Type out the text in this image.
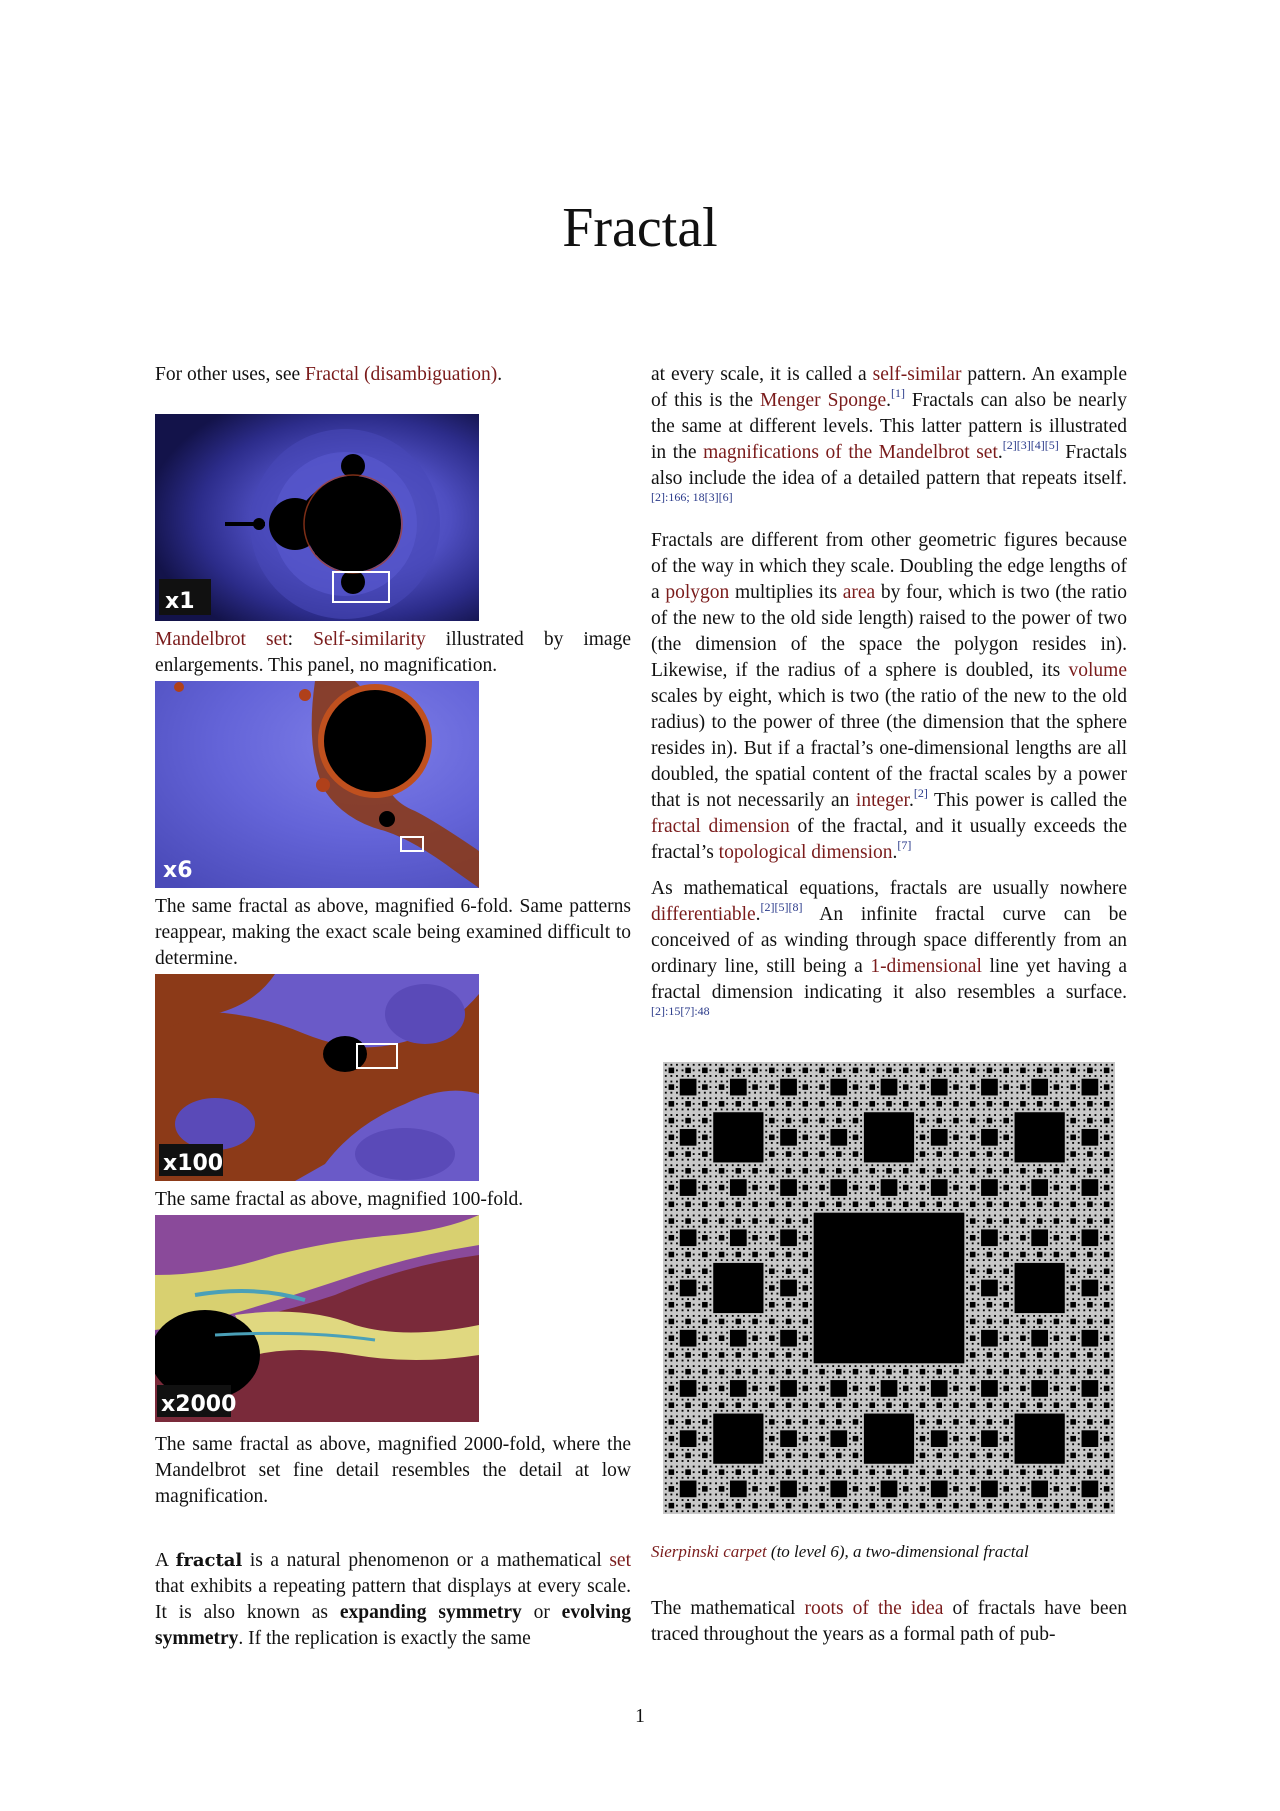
Fractal

For other uses, see Fractal (disambiguation).

x1

Mandelbrot set: Self-similarity illustrated by image enlargements. This panel, no magnification.

x6

The same fractal as above, magnified 6-fold. Same patterns reappear, making the exact scale being examined difficult to determine.

x100

The same fractal as above, magnified 100-fold.

x2000

The same fractal as above, magnified 2000-fold, where the Mandelbrot set fine detail resembles the detail at low magnification.

A fractal is a natural phenomenon or a mathematical set that exhibits a repeating pattern that displays at every scale. It is also known as expanding symmetry or evolving symmetry. If the replication is exactly the same

at every scale, it is called a self-similar pattern. An example of this is the Menger Sponge.[1] Fractals can also be nearly the same at different levels. This latter pattern is illustrated in the magnifications of the Mandelbrot set.[2][3][4][5] Fractals also include the idea of a detailed pattern that repeats itself.[2]:166; 18[3][6]

Fractals are different from other geometric figures because of the way in which they scale. Doubling the edge lengths of a polygon multiplies its area by four, which is two (the ratio of the new to the old side length) raised to the power of two (the dimension of the space the polygon resides in). Likewise, if the radius of a sphere is doubled, its volume scales by eight, which is two (the ratio of the new to the old radius) to the power of three (the dimension that the sphere resides in). But if a fractal’s one-dimensional lengths are all doubled, the spatial content of the fractal scales by a power that is not necessarily an integer.[2] This power is called the fractal dimension of the fractal, and it usually exceeds the fractal’s topological dimension.[7]

As mathematical equations, fractals are usually nowhere differentiable.[2][5][8] An infinite fractal curve can be conceived of as winding through space differently from an ordinary line, still being a 1-dimensional line yet having a fractal dimension indicating it also resembles a surface.$^{[2]:15[7]:48}$

Sierpinski carpet (to level 6), a two-dimensional fractal

The mathematical roots of the idea of fractals have been traced throughout the years as a formal path of pub-

1
